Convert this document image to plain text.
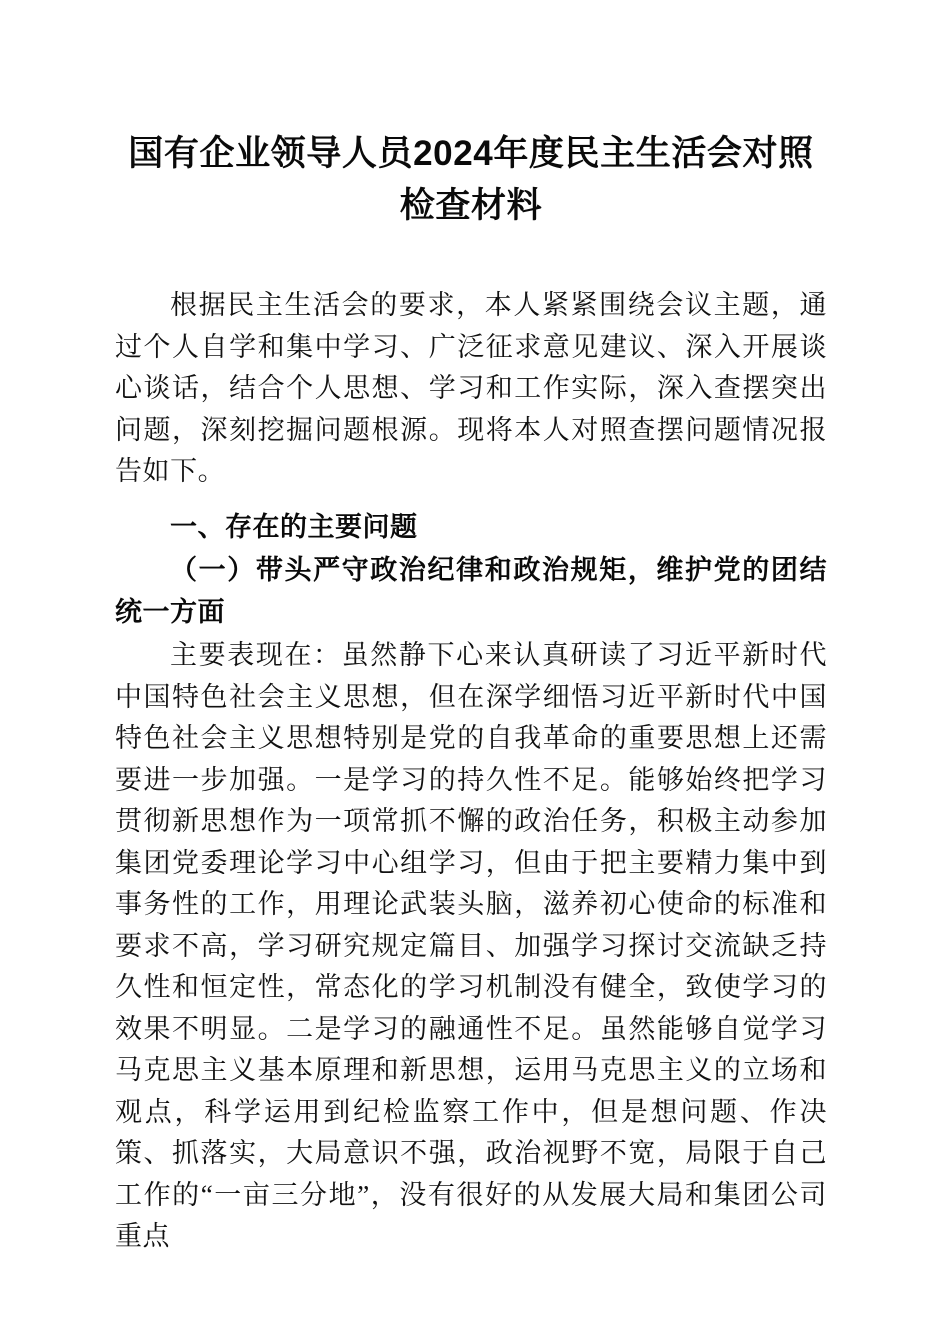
国有企业领导人员2024年度民主生活会对照
检查材料

根据民主生活会的要求，本人紧紧围绕会议主题，通过个人自学和集中学习、广泛征求意见建议、深入开展谈心谈话，结合个人思想、学习和工作实际，深入查摆突出问题，深刻挖掘问题根源。现将本人对照查摆问题情况报告如下。

一、存在的主要问题
（一）带头严守政治纪律和政治规矩，维护党的团结统一方面

主要表现在：虽然静下心来认真研读了习近平新时代中国特色社会主义思想，但在深学细悟习近平新时代中国特色社会主义思想特别是党的自我革命的重要思想上还需要进一步加强。一是学习的持久性不足。能够始终把学习贯彻新思想作为一项常抓不懈的政治任务，积极主动参加集团党委理论学习中心组学习，但由于把主要精力集中到事务性的工作，用理论武装头脑，滋养初心使命的标准和要求不高，学习研究规定篇目、加强学习探讨交流缺乏持久性和恒定性，常态化的学习机制没有健全，致使学习的效果不明显。二是学习的融通性不足。虽然能够自觉学习马克思主义基本原理和新思想，运用马克思主义的立场和观点，科学运用到纪检监察工作中，但是想问题、作决策、抓落实，大局意识不强，政治视野不宽，局限于自己工作的“一亩三分地”，没有很好的从发展大局和集团公司重点
